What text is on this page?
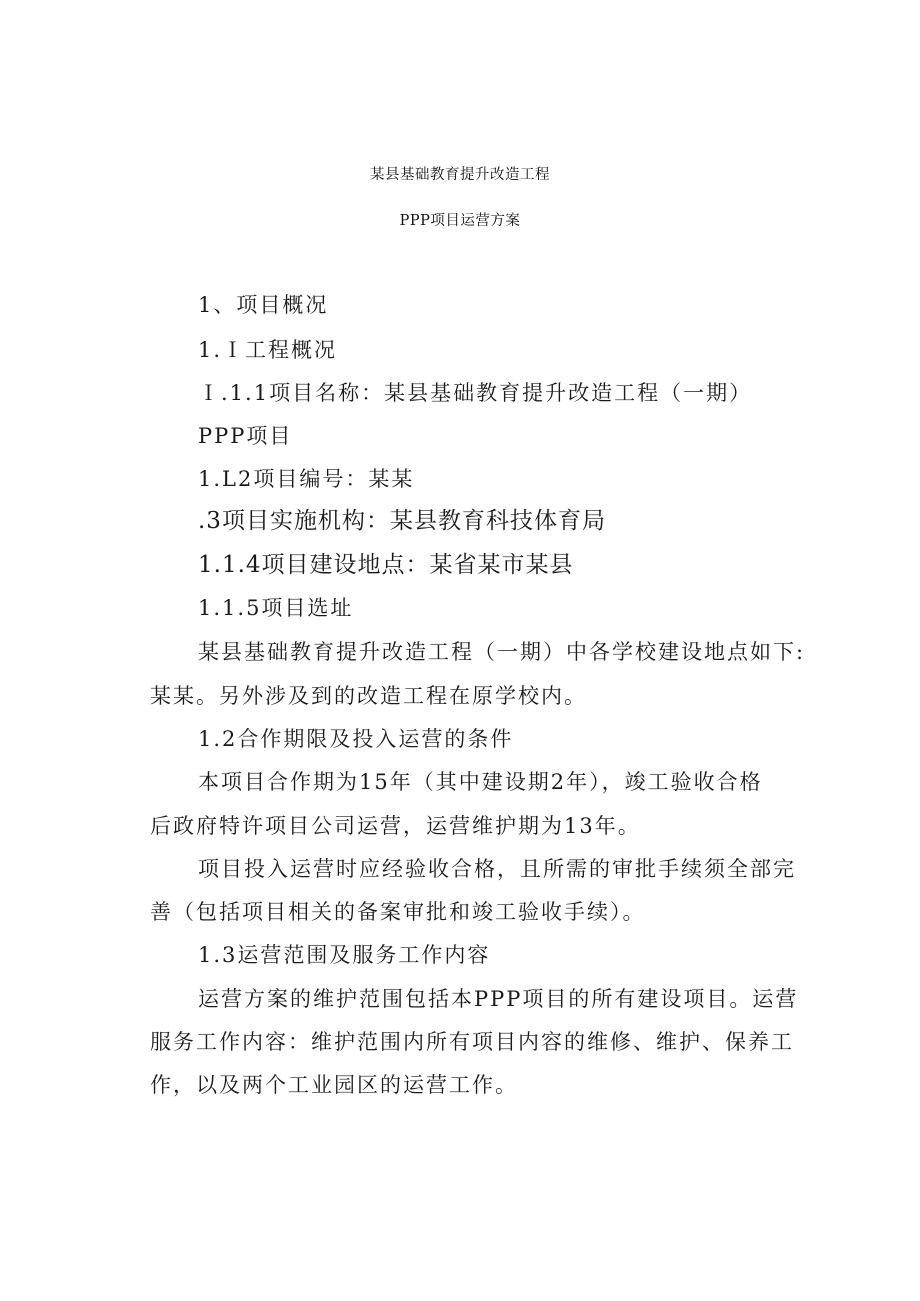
某县基础教育提升改造工程
PPP项目运营方案
1、项目概况
1.Ｉ工程概况
Ｉ.1.1项目名称：某县基础教育提升改造工程（一期）
PPP项目
1.L2项目编号：某某
.3项目实施机构：某县教育科技体育局
1.1.4项目建设地点：某省某市某县
1.1.5项目选址
某县基础教育提升改造工程（一期）中各学校建设地点如下:
某某。另外涉及到的改造工程在原学校内。
1.2合作期限及投入运营的条件
本项目合作期为15年（其中建设期2年），竣工验收合格
后政府特许项目公司运营，运营维护期为13年。
项目投入运营时应经验收合格，且所需的审批手续须全部完
善（包括项目相关的备案审批和竣工验收手续）。
1.3运营范围及服务工作内容
运营方案的维护范围包括本PPP项目的所有建设项目。运营
服务工作内容：维护范围内所有项目内容的维修、维护、保养工
作，以及两个工业园区的运营工作。
